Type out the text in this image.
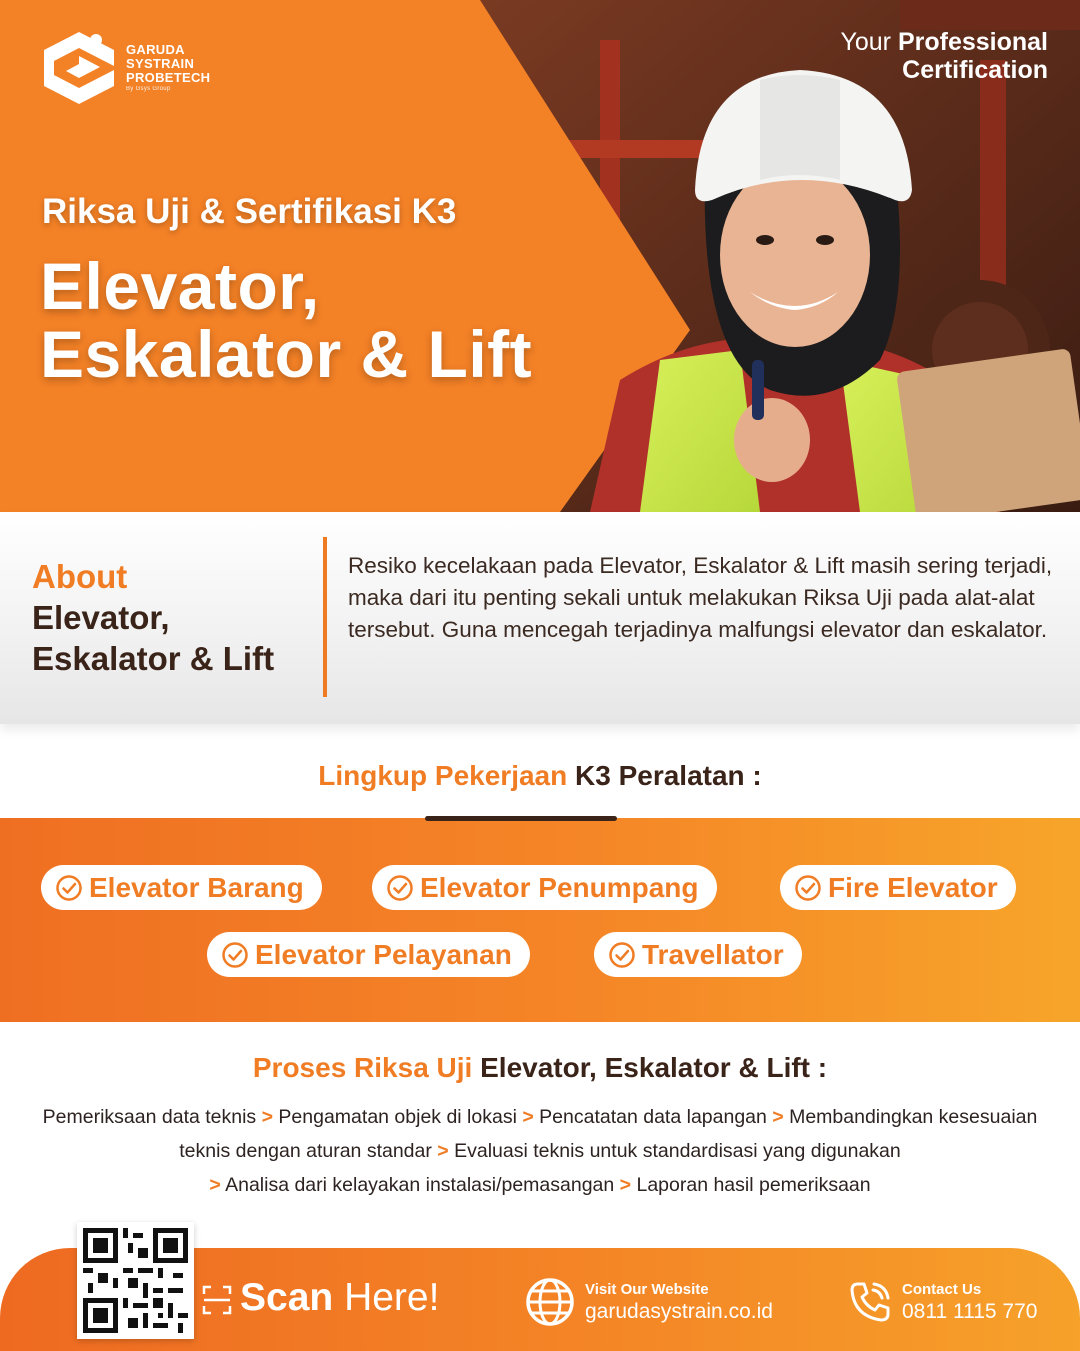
GARUDA
SYSTRAIN
PROBETECH
By Gsys Group
Your Professional
Certification
Riksa Uji & Sertifikasi K3
Elevator,
Eskalator & Lift
About
Elevator,
Eskalator & Lift

Resiko kecelakaan pada Elevator, Eskalator & Lift masih sering terjadi, maka dari itu penting sekali untuk melakukan Riksa Uji pada alat-alat tersebut. Guna mencegah terjadinya malfungsi elevator dan eskalator.

Lingkup Pekerjaan K3 Peralatan :
Elevator Barang	Elevator Penumpang	Fire Elevator
Elevator Pelayanan	Travellator
Proses Riksa Uji Elevator, Eskalator & Lift :

Pemeriksaan data teknis > Pengamatan objek di lokasi > Pencatatan data lapangan > Membandingkan kesesuaian teknis dengan aturan standar > Evaluasi teknis untuk standardisasi yang digunakan
> Analisa dari kelayakan instalasi/pemasangan > Laporan hasil pemeriksaan

Scan Here!	Visit Our Website
garudasystrain.co.id
Contact Us
0811 1115 770
